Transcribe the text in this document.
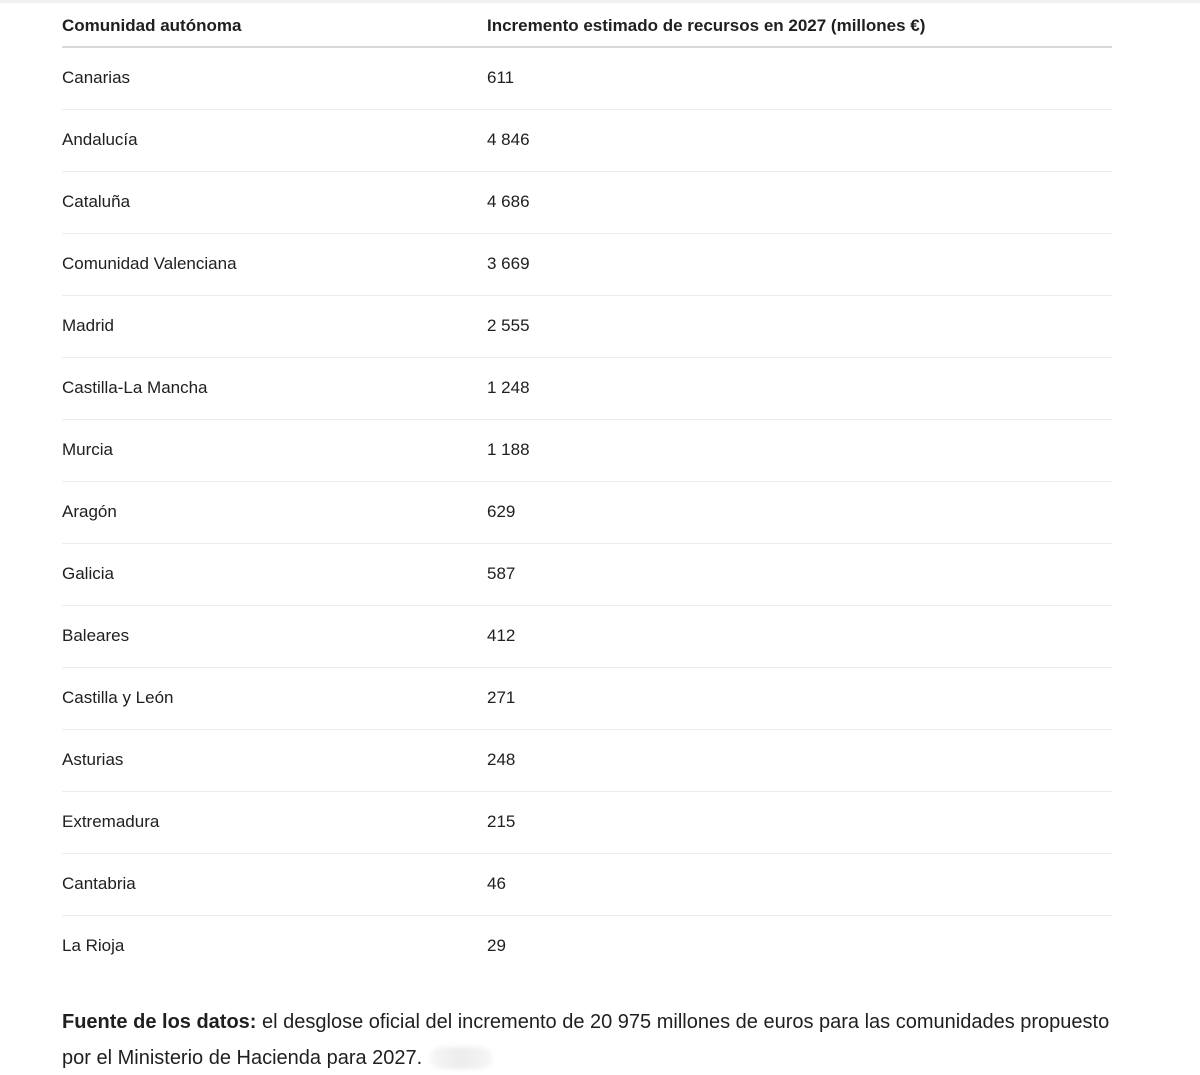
Comunidad autónoma	Incremento estimado de recursos en 2027 (millones €)
Canarias	611
Andalucía	4 846
Cataluña	4 686
Comunidad Valenciana	3 669
Madrid	2 555
Castilla-La Mancha	1 248
Murcia	1 188
Aragón	629
Galicia	587
Baleares	412
Castilla y León	271
Asturias	248
Extremadura	215
Cantabria	46
La Rioja	29
Fuente de los datos: el desglose oficial del incremento de 20 975 millones de euros para las comunidades propuesto por el Ministerio de Hacienda para 2027.
